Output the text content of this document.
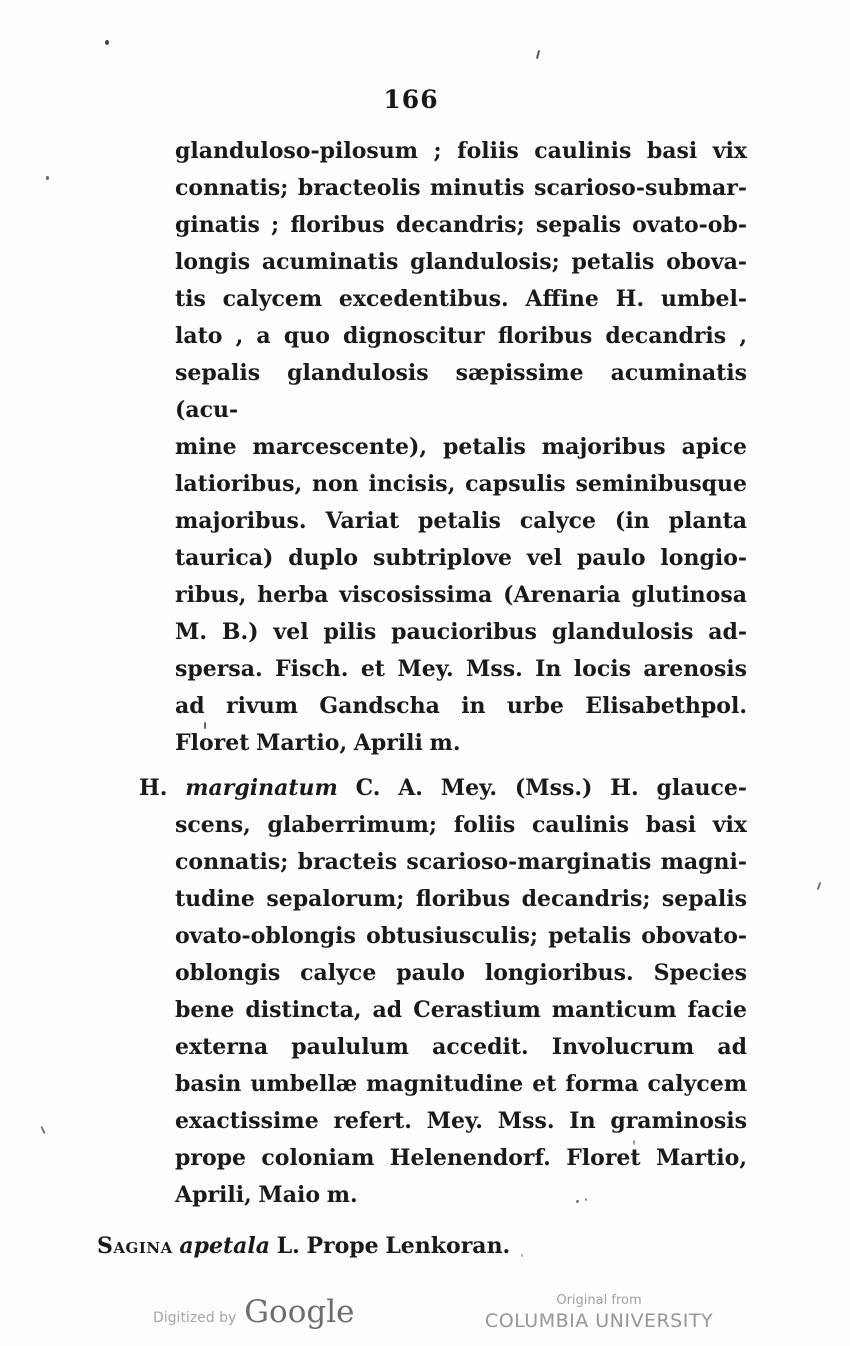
166
glanduloso-pilosum ; foliis caulinis basi vix
connatis; bracteolis minutis scarioso-submar-
ginatis ; floribus decandris; sepalis ovato-ob-
longis acuminatis glandulosis; petalis obova-
tis calycem excedentibus. Affine H. umbel-
lato , a quo dignoscitur floribus decandris ,
sepalis glandulosis sæpissime acuminatis (acu-
mine marcescente), petalis majoribus apice
latioribus, non incisis, capsulis seminibusque
majoribus. Variat petalis calyce (in planta
taurica) duplo subtriplove vel paulo longio-
ribus, herba viscosissima (Arenaria glutinosa
M. B.) vel pilis paucioribus glandulosis ad-
spersa. Fisch. et Mey. Mss. In locis arenosis
ad rivum Gandscha in urbe Elisabethpol.
Floret Martio, Aprili m.
H. marginatum C. A. Mey. (Mss.) H. glauce-
scens, glaberrimum; foliis caulinis basi vix
connatis; bracteis scarioso-marginatis magni-
tudine sepalorum; floribus decandris; sepalis
ovato-oblongis obtusiusculis; petalis obovato-
oblongis calyce paulo longioribus. Species
bene distincta, ad Cerastium manticum facie
externa paululum accedit. Involucrum ad
basin umbellæ magnitudine et forma calycem
exactissime refert. Mey. Mss. In graminosis
prope coloniam Helenendorf. Floret Martio,
Aprili, Maio m.
Sagina apetala L. Prope Lenkoran.
Digitized by Google	Original from
COLUMBIA UNIVERSITY
